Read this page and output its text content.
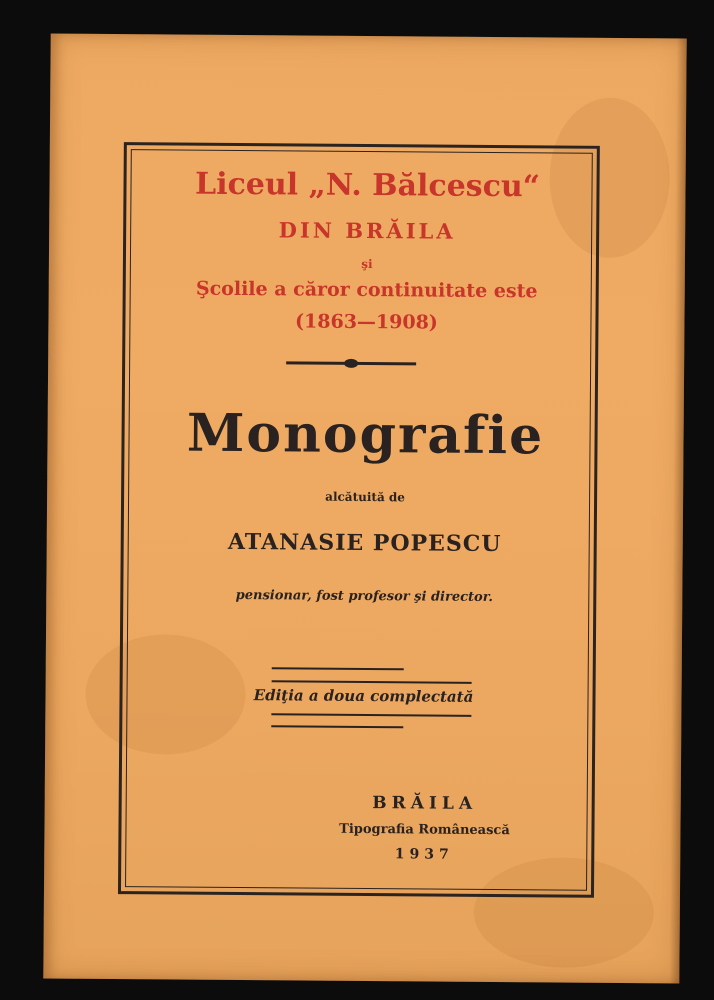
Liceul „N. Bălcescu“
DIN BRĂILA
şi
Şcolile a căror continuitate este
(1863—1908)
Monografie
alcătuită de
ATANASIE POPESCU
pensionar, fost profesor şi director.
Ediţia a doua complectată
BRĂILA
Tipografia Românească
1937
